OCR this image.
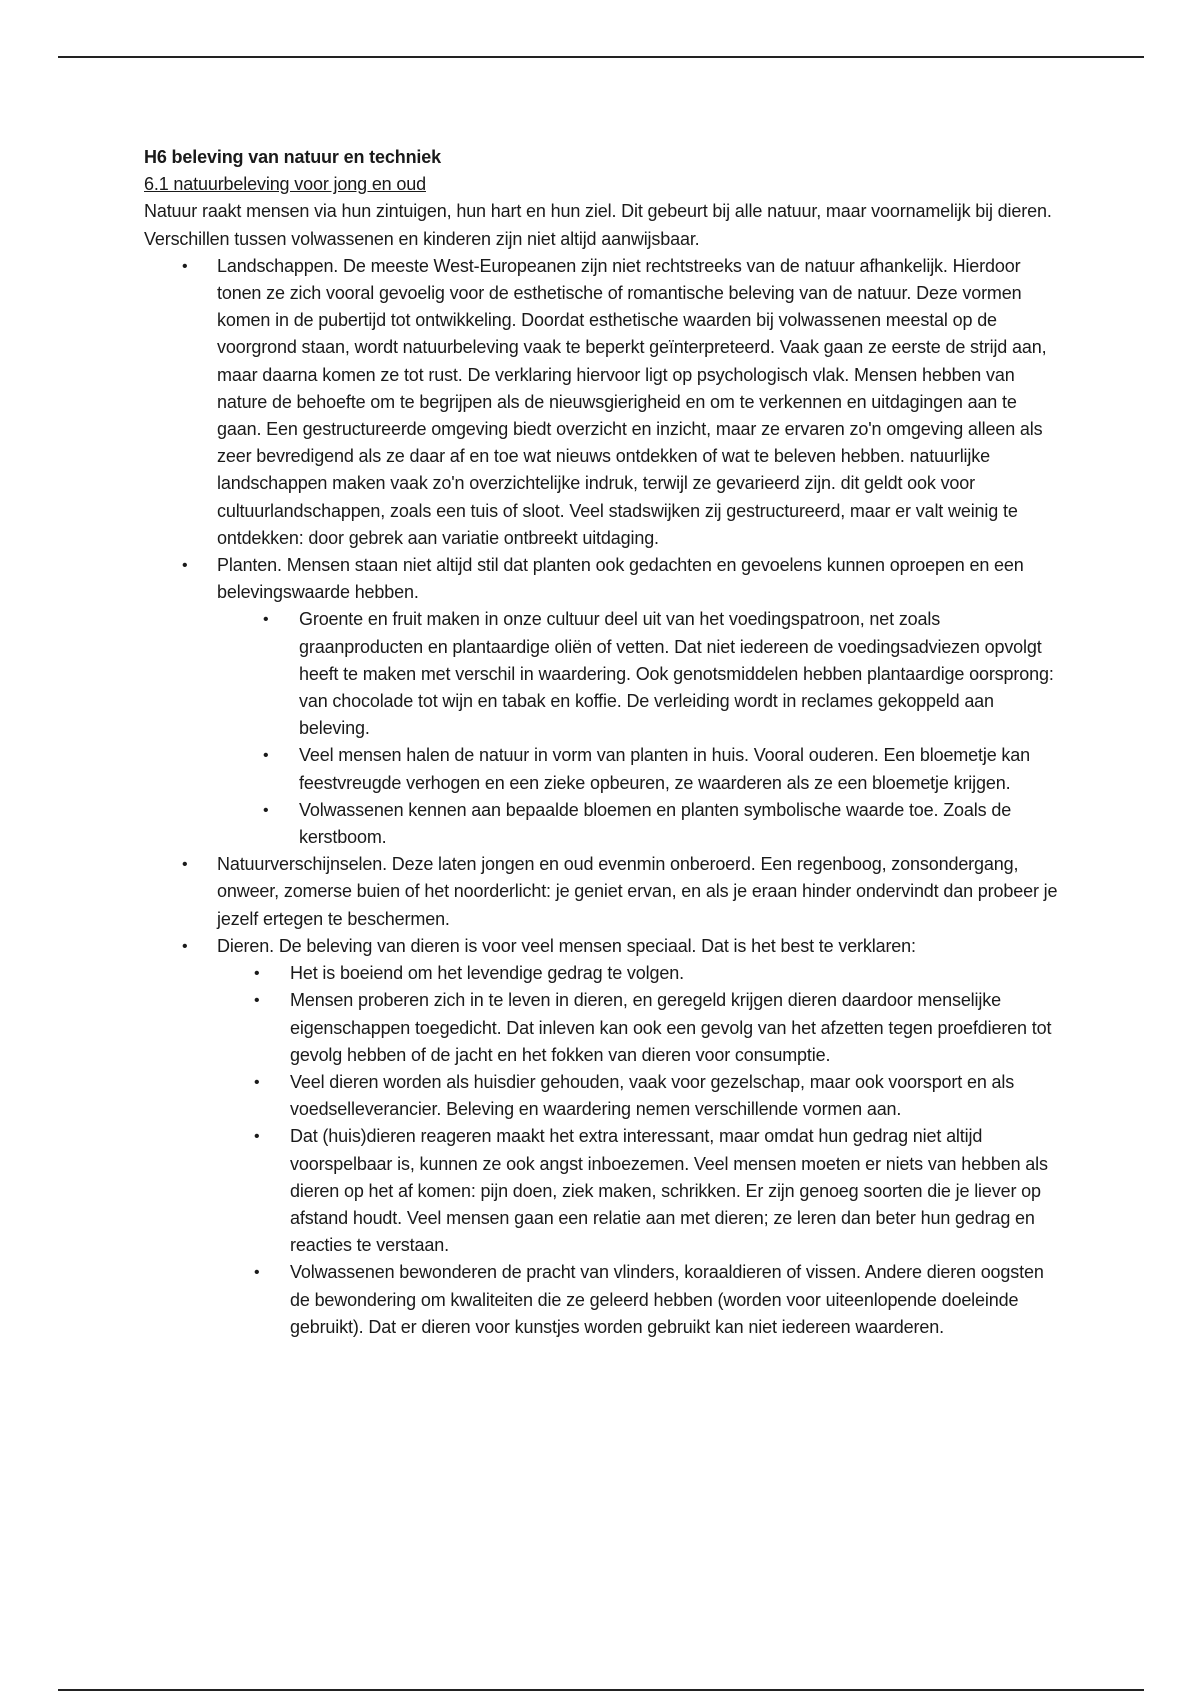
H6 beleving van natuur en techniek
6.1 natuurbeleving voor jong en oud

Natuur raakt mensen via hun zintuigen, hun hart en hun ziel. Dit gebeurt bij alle natuur, maar voornamelijk bij dieren. Verschillen tussen volwassenen en kinderen zijn niet altijd aanwijsbaar.

• Landschappen. De meeste West-Europeanen zijn niet rechtstreeks van de natuur afhankelijk. Hierdoor tonen ze zich vooral gevoelig voor de esthetische of romantische beleving van de natuur. Deze vormen komen in de pubertijd tot ontwikkeling. Doordat esthetische waarden bij volwassenen meestal op de voorgrond staan, wordt natuurbeleving vaak te beperkt geïnterpreteerd. Vaak gaan ze eerste de strijd aan, maar daarna komen ze tot rust. De verklaring hiervoor ligt op psychologisch vlak. Mensen hebben van nature de behoefte om te begrijpen als de nieuwsgierigheid en om te verkennen en uitdagingen aan te gaan. Een gestructureerde omgeving biedt overzicht en inzicht, maar ze ervaren zo'n omgeving alleen als zeer bevredigend als ze daar af en toe wat nieuws ontdekken of wat te beleven hebben. natuurlijke landschappen maken vaak zo'n overzichtelijke indruk, terwijl ze gevarieerd zijn. dit geldt ook voor cultuurlandschappen, zoals een tuis of sloot. Veel stadswijken zij gestructureerd, maar er valt weinig te ontdekken: door gebrek aan variatie ontbreekt uitdaging.
• Planten. Mensen staan niet altijd stil dat planten ook gedachten en gevoelens kunnen oproepen en een belevingswaarde hebben.
• Groente en fruit maken in onze cultuur deel uit van het voedingspatroon, net zoals graanproducten en plantaardige oliën of vetten. Dat niet iedereen de voedingsadviezen opvolgt heeft te maken met verschil in waardering. Ook genotsmiddelen hebben plantaardige oorsprong: van chocolade tot wijn en tabak en koffie. De verleiding wordt in reclames gekoppeld aan beleving.
• Veel mensen halen de natuur in vorm van planten in huis. Vooral ouderen. Een bloemetje kan feestvreugde verhogen en een zieke opbeuren, ze waarderen als ze een bloemetje krijgen.
• Volwassenen kennen aan bepaalde bloemen en planten symbolische waarde toe. Zoals de kerstboom.
• Natuurverschijnselen. Deze laten jongen en oud evenmin onberoerd. Een regenboog, zonsondergang, onweer, zomerse buien of het noorderlicht: je geniet ervan, en als je eraan hinder ondervindt dan probeer je jezelf ertegen te beschermen.
• Dieren. De beleving van dieren is voor veel mensen speciaal. Dat is het best te verklaren:
• Het is boeiend om het levendige gedrag te volgen.
• Mensen proberen zich in te leven in dieren, en geregeld krijgen dieren daardoor menselijke eigenschappen toegedicht. Dat inleven kan ook een gevolg van het afzetten tegen proefdieren tot gevolg hebben of de jacht en het fokken van dieren voor consumptie.
• Veel dieren worden als huisdier gehouden, vaak voor gezelschap, maar ook voorsport en als voedselleverancier. Beleving en waardering nemen verschillende vormen aan.
• Dat (huis)dieren reageren maakt het extra interessant, maar omdat hun gedrag niet altijd voorspelbaar is, kunnen ze ook angst inboezemen. Veel mensen moeten er niets van hebben als dieren op het af komen: pijn doen, ziek maken, schrikken. Er zijn genoeg soorten die je liever op afstand houdt. Veel mensen gaan een relatie aan met dieren; ze leren dan beter hun gedrag en reacties te verstaan.
• Volwassenen bewonderen de pracht van vlinders, koraaldieren of vissen. Andere dieren oogsten de bewondering om kwaliteiten die ze geleerd hebben (worden voor uiteenlopende doeleinde gebruikt). Dat er dieren voor kunstjes worden gebruikt kan niet iedereen waarderen.
